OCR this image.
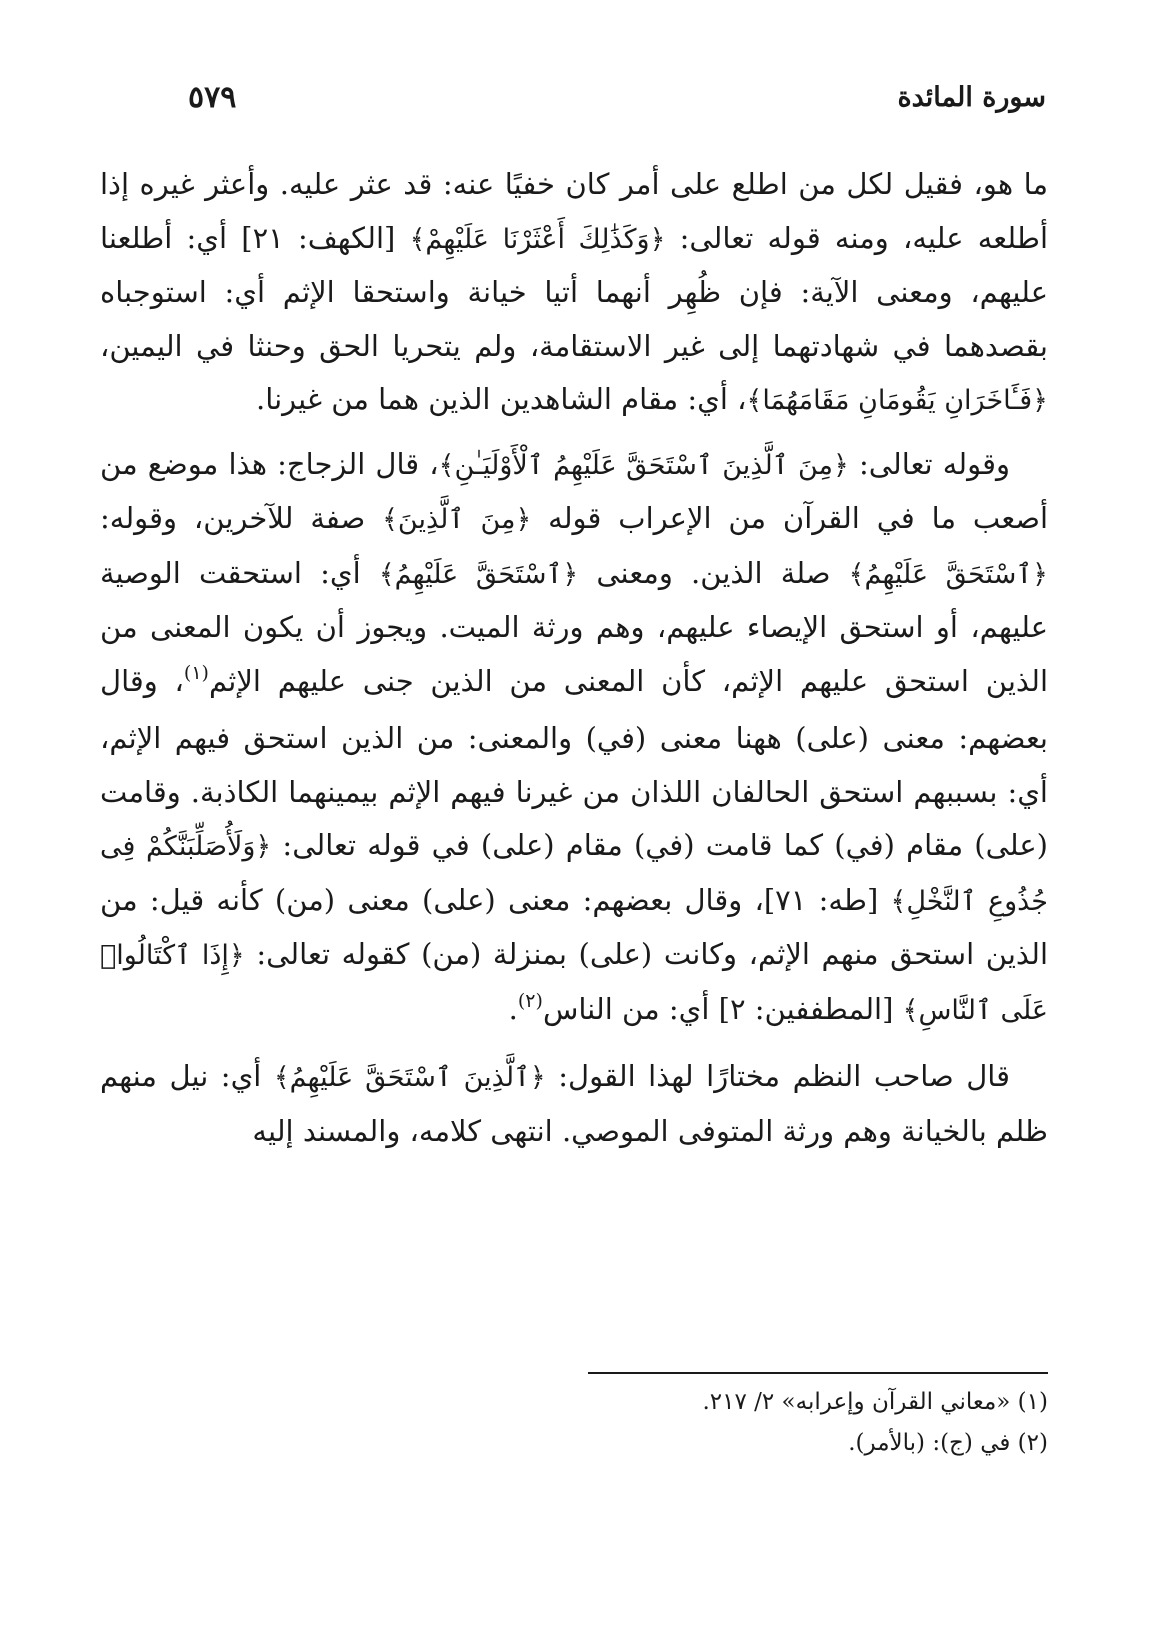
سورة المائدة
٥٧٩

ما هو، فقيل لكل من اطلع على أمر كان خفيًا عنه: قد عثر عليه. وأعثر غيره إذا أطلعه عليه، ومنه قوله تعالى: ﴿وَكَذَٰلِكَ أَعْثَرْنَا عَلَيْهِمْ﴾ [الكهف: ٢١] أي: أطلعنا عليهم، ومعنى الآية: فإن ظُهِر أنهما أتيا خيانة واستحقا الإثم أي: استوجباه بقصدهما في شهادتهما إلى غير الاستقامة، ولم يتحريا الحق وحنثا في اليمين، ﴿فَـَٔاخَرَانِ يَقُومَانِ مَقَامَهُمَا﴾، أي: مقام الشاهدين الذين هما من غيرنا.

وقوله تعالى: ﴿مِنَ ٱلَّذِينَ ٱسْتَحَقَّ عَلَيْهِمُ ٱلْأَوْلَيَـٰنِ﴾، قال الزجاج: هذا موضع من أصعب ما في القرآن من الإعراب قوله ﴿مِنَ ٱلَّذِينَ﴾ صفة للآخرين، وقوله: ﴿ٱسْتَحَقَّ عَلَيْهِمُ﴾ صلة الذين. ومعنى ﴿ٱسْتَحَقَّ عَلَيْهِمُ﴾ أي: استحقت الوصية عليهم، أو استحق الإيصاء عليهم، وهم ورثة الميت. ويجوز أن يكون المعنى من الذين استحق عليهم الإثم، كأن المعنى من الذين جنى عليهم الإثم$^{(١)}$، وقال بعضهم: معنى (على) ههنا معنى (في) والمعنى: من الذين استحق فيهم الإثم، أي: بسببهم استحق الحالفان اللذان من غيرنا فيهم الإثم بيمينهما الكاذبة. وقامت (على) مقام (في) كما قامت (في) مقام (على) في قوله تعالى: ﴿وَلَأُصَلِّبَنَّكُمْ فِى جُذُوعِ ٱلنَّخْلِ﴾ [طه: ٧١]، وقال بعضهم: معنى (على) معنى (من) كأنه قيل: من الذين استحق منهم الإثم، وكانت (على) بمنزلة (من) كقوله تعالى: ﴿إِذَا ٱكْتَالُوا۟ عَلَى ٱلنَّاسِ﴾ [المطففين: ٢] أي: من الناس$^{(٢)}$.

قال صاحب النظم مختارًا لهذا القول: ﴿ٱلَّذِينَ ٱسْتَحَقَّ عَلَيْهِمُ﴾ أي: نيل منهم ظلم بالخيانة وهم ورثة المتوفى الموصي. انتهى كلامه، والمسند إليه

(١) «معاني القرآن وإعرابه» ٢/ ٢١٧.

(٢) في (ج): (بالأمر).
